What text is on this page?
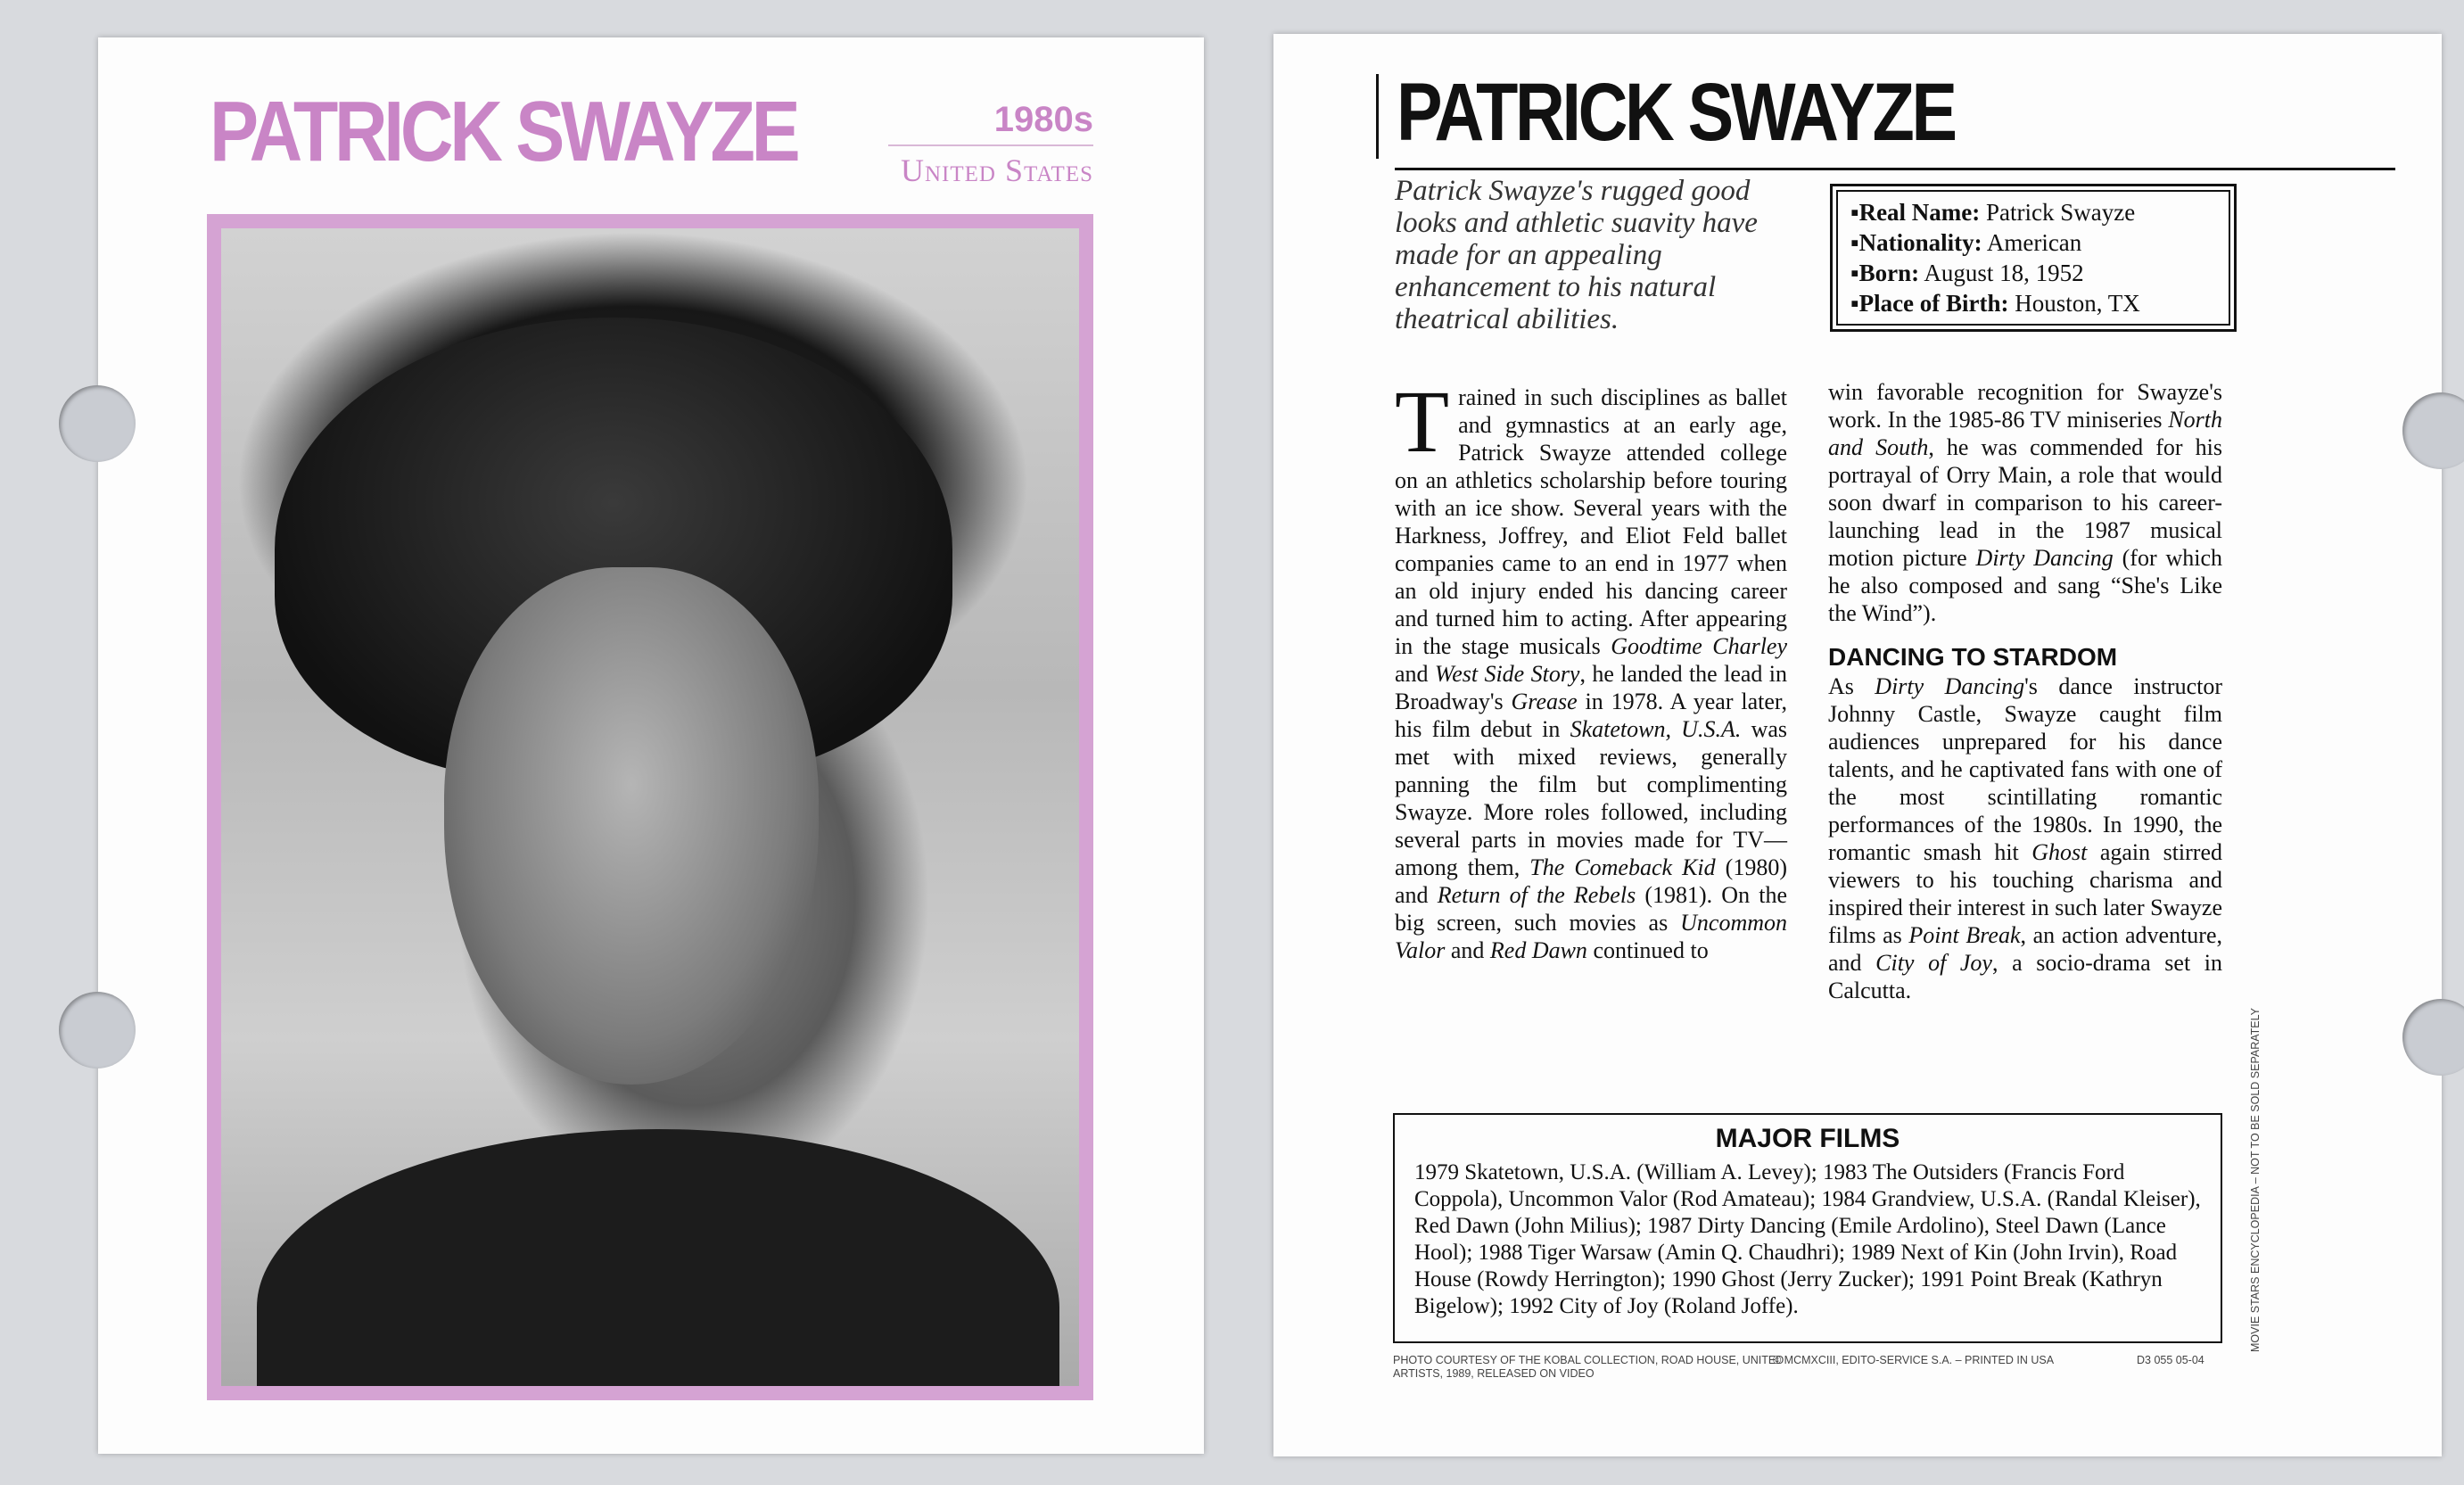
PATRICK SWAYZE	1980s
United States
PATRICK SWAYZE

Patrick Swayze's rugged good looks and athletic suavity have made for an appealing enhancement to his natural theatrical abilities.

▪Real Name: Patrick Swayze
▪Nationality: American
▪Born: August 18, 1952
▪Place of Birth: Houston, TX

Trained in such disciplines as ballet and gymnastics at an early age, Patrick Swayze attended college on an athletics scholarship before touring with an ice show. Several years with the Harkness, Joffrey, and Eliot Feld ballet companies came to an end in 1977 when an old injury ended his dancing career and turned him to acting. After appearing in the stage musicals Goodtime Charley and West Side Story, he landed the lead in Broadway's Grease in 1978. A year later, his film debut in Skatetown, U.S.A. was met with mixed reviews, generally panning the film but complimenting Swayze. More roles followed, including several parts in movies made for TV—among them, The Comeback Kid (1980) and Return of the Rebels (1981). On the big screen, such movies as Uncommon Valor and Red Dawn continued to

win favorable recognition for Swayze's work. In the 1985-86 TV miniseries North and South, he was commended for his portrayal of Orry Main, a role that would soon dwarf in comparison to his career-launching lead in the 1987 musical motion picture Dirty Dancing (for which he also composed and sang “She's Like the Wind”).
DANCING TO STARDOM
As Dirty Dancing's dance instructor Johnny Castle, Swayze caught film audiences unprepared for his dance talents, and he captivated fans with one of the most scintillating romantic performances of the 1980s. In 1990, the romantic smash hit Ghost again stirred viewers to his touching charisma and inspired their interest in such later Swayze films as Point Break, an action adventure, and City of Joy, a socio-drama set in Calcutta.

MAJOR FILMS

1979 Skatetown, U.S.A. (William A. Levey); 1983 The Outsiders (Francis Ford Coppola), Uncommon Valor (Rod Amateau); 1984 Grandview, U.S.A. (Randal Kleiser), Red Dawn (John Milius); 1987 Dirty Dancing (Emile Ardolino), Steel Dawn (Lance Hool); 1988 Tiger Warsaw (Amin Q. Chaudhri); 1989 Next of Kin (John Irvin), Road House (Rowdy Herrington); 1990 Ghost (Jerry Zucker); 1991 Point Break (Kathryn Bigelow); 1992 City of Joy (Roland Joffe).

PHOTO COURTESY OF THE KOBAL COLLECTION, ROAD HOUSE, UNITED ARTISTS, 1989, RELEASED ON VIDEO
© MCMXCIII, EDITO-SERVICE S.A. – PRINTED IN USA	D3 055 05-04
MOVIE STARS ENCYCLOPEDIA – NOT TO BE SOLD SEPARATELY
